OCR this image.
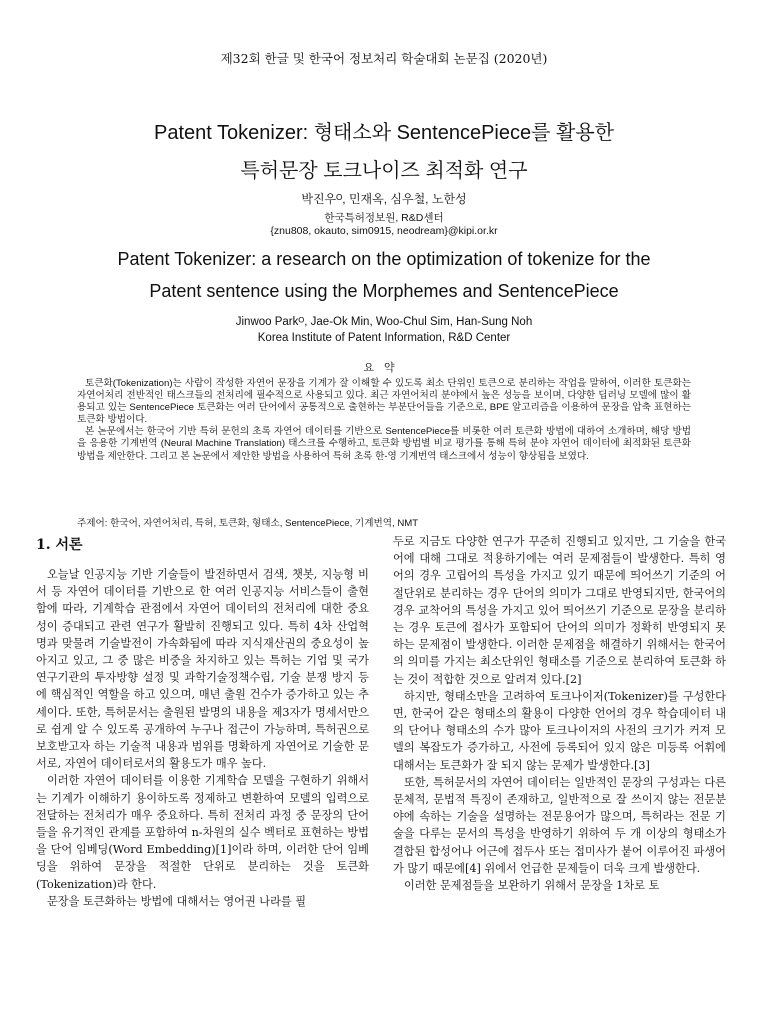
제32회 한글 및 한국어 정보처리 학술대회 논문집 (2020년)
Patent Tokenizer: 형태소와 SentencePiece를 활용한
특허문장 토크나이즈 최적화 연구
박진우ᴼ, 민재옥, 심우철, 노한성
한국특허정보원, R&D센터
{znu808, okauto, sim0915, neodream}@kipi.or.kr
Patent Tokenizer: a research on the optimization of tokenize for the
Patent sentence using the Morphemes and SentencePiece
Jinwoo Parkᴼ, Jae-Ok Min, Woo-Chul Sim, Han-Sung Noh
Korea Institute of Patent Information, R&D Center
요약

토큰화(Tokenization)는 사람이 작성한 자연어 문장을 기계가 잘 이해할 수 있도록 최소 단위인 토큰으로 분리하는 작업을 말하여, 이러한 토큰화는 자연어처리 전반적인 태스크들의 전처리에 필수적으로 사용되고 있다. 최근 자연어처리 분야에서 높은 성능을 보이며, 다양한 딥러닝 모델에 많이 활용되고 있는 SentencePiece 토큰화는 여러 단어에서 공통적으로 출현하는 부분단어들을 기준으로, BPE 알고리즘을 이용하여 문장을 압축 표현하는 토큰화 방법이다.

본 논문에서는 한국어 기반 특허 문헌의 초록 자연어 데이터를 기반으로 SentencePiece를 비롯한 여러 토큰화 방법에 대하여 소개하며, 해당 방법을 응용한 기계번역 (Neural Machine Translation) 태스크를 수행하고, 토큰화 방법별 비교 평가를 통해 특허 분야 자연어 데이터에 최적화된 토큰화 방법을 제안한다. 그리고 본 논문에서 제안한 방법을 사용하여 특허 초록 한-영 기계번역 태스크에서 성능이 향상됨을 보였다.

주제어: 한국어, 자연어처리, 특허, 토큰화, 형태소, SentencePiece, 기계번역, NMT
1. 서론

오늘날 인공지능 기반 기술들이 발전하면서 검색, 챗봇, 지능형 비서 등 자연어 데이터를 기반으로 한 여러 인공지능 서비스들이 출현함에 따라, 기계학습 관점에서 자연어 데이터의 전처리에 대한 중요성이 증대되고 관련 연구가 활발히 진행되고 있다. 특히 4차 산업혁명과 맞물려 기술발전이 가속화됨에 따라 지식재산권의 중요성이 높아지고 있고, 그 중 많은 비중을 차지하고 있는 특허는 기업 및 국가연구기관의 투자방향 설정 및 과학기술정책수립, 기술 분쟁 방지 등에 핵심적인 역할을 하고 있으며, 매년 출원 건수가 증가하고 있는 추세이다. 또한, 특허문서는 출원된 발명의 내용을 제3자가 명세서만으로 쉽게 알 수 있도록 공개하여 누구나 접근이 가능하며, 특허권으로 보호받고자 하는 기술적 내용과 범위를 명확하게 자연어로 기술한 문서로, 자연어 데이터로서의 활용도가 매우 높다.

이러한 자연어 데이터를 이용한 기계학습 모델을 구현하기 위해서는 기계가 이해하기 용이하도록 정제하고 변환하여 모델의 입력으로 전달하는 전처리가 매우 중요하다. 특히 전처리 과정 중 문장의 단어들을 유기적인 관계를 포함하여 n-차원의 실수 벡터로 표현하는 방법을 단어 임베딩(Word Embedding)[1]이라 하며, 이러한 단어 임베딩을 위하여 문장을 적절한 단위로 분리하는 것을 토큰화(Tokenization)라 한다.

문장을 토큰화하는 방법에 대해서는 영어권 나라를 필

두로 지금도 다양한 연구가 꾸준히 진행되고 있지만, 그 기술을 한국어에 대해 그대로 적용하기에는 여러 문제점들이 발생한다. 특히 영어의 경우 고립어의 특성을 가지고 있기 때문에 띄어쓰기 기준의 어절단위로 분리하는 경우 단어의 의미가 그대로 반영되지만, 한국어의 경우 교착어의 특성을 가지고 있어 띄어쓰기 기준으로 문장을 분리하는 경우 토큰에 접사가 포함되어 단어의 의미가 정확히 반영되지 못하는 문제점이 발생한다. 이러한 문제점을 해결하기 위해서는 한국어의 의미를 가지는 최소단위인 형태소를 기준으로 분리하여 토큰화 하는 것이 적합한 것으로 알려져 있다.[2]

하지만, 형태소만을 고려하여 토크나이저(Tokenizer)를 구성한다면, 한국어 같은 형태소의 활용이 다양한 언어의 경우 학습데이터 내의 단어나 형태소의 수가 많아 토크나이저의 사전의 크기가 커져 모델의 복잡도가 증가하고, 사전에 등록되어 있지 않은 미등록 어휘에 대해서는 토큰화가 잘 되지 않는 문제가 발생한다.[3]

또한, 특허문서의 자연어 데이터는 일반적인 문장의 구성과는 다른 문체적, 문법적 특징이 존재하고, 일반적으로 잘 쓰이지 않는 전문분야에 속하는 기술을 설명하는 전문용어가 많으며, 특허라는 전문 기술을 다루는 문서의 특성을 반영하기 위하여 두 개 이상의 형태소가 결합된 합성어나 어근에 접두사 또는 접미사가 붙어 이루어진 파생어가 많기 때문에[4] 위에서 언급한 문제들이 더욱 크게 발생한다.

이러한 문제점들을 보완하기 위해서 문장을 1차로 토
